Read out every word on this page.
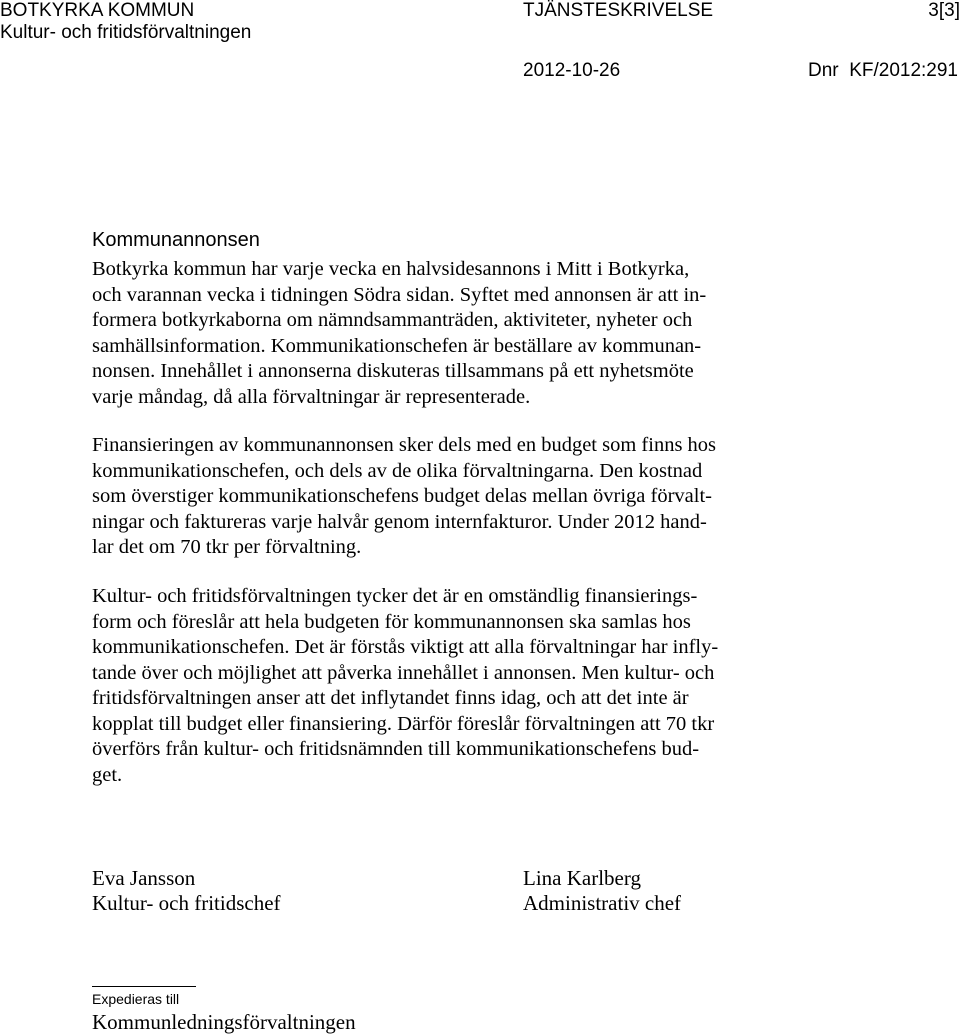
BOTKYRKA KOMMUN
Kultur- och fritidsförvaltningen
TJÄNSTESKRIVELSE	3[3]
2012-10-26	Dnr  KF/2012:291
Kommunannonsen
Botkyrka kommun har varje vecka en halvsidesannons i Mitt i Botkyrka,
och varannan vecka i tidningen Södra sidan. Syftet med annonsen är att in-
formera botkyrkaborna om nämndsammanträden, aktiviteter, nyheter och
samhällsinformation. Kommunikationschefen är beställare av kommunan-
nonsen. Innehållet i annonserna diskuteras tillsammans på ett nyhetsmöte
varje måndag, då alla förvaltningar är representerade.
Finansieringen av kommunannonsen sker dels med en budget som finns hos
kommunikationschefen, och dels av de olika förvaltningarna. Den kostnad
som överstiger kommunikationschefens budget delas mellan övriga förvalt-
ningar och faktureras varje halvår genom internfakturor. Under 2012 hand-
lar det om 70 tkr per förvaltning.
Kultur- och fritidsförvaltningen tycker det är en omständlig finansierings-
form och föreslår att hela budgeten för kommunannonsen ska samlas hos
kommunikationschefen. Det är förstås viktigt att alla förvaltningar har infly-
tande över och möjlighet att påverka innehållet i annonsen. Men kultur- och
fritidsförvaltningen anser att det inflytandet finns idag, och att det inte är
kopplat till budget eller finansiering. Därför föreslår förvaltningen att 70 tkr
överförs från kultur- och fritidsnämnden till kommunikationschefens bud-
get.
Eva Jansson
Kultur- och fritidschef
Lina Karlberg
Administrativ chef
Expedieras till
Kommunledningsförvaltningen
